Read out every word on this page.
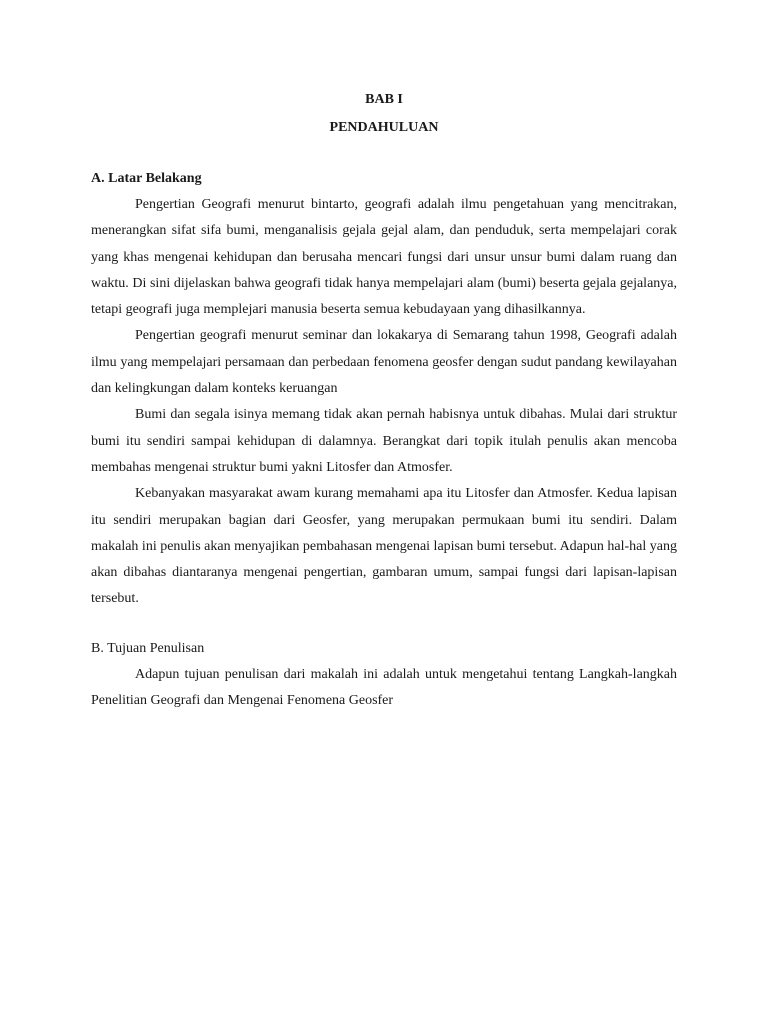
BAB I
PENDAHULUAN
A. Latar Belakang

Pengertian Geografi menurut bintarto, geografi adalah ilmu pengetahuan yang mencitrakan, menerangkan sifat sifa bumi, menganalisis gejala gejal alam, dan penduduk, serta mempelajari corak yang khas mengenai kehidupan dan berusaha mencari fungsi dari unsur unsur bumi dalam ruang dan waktu. Di sini dijelaskan bahwa geografi tidak hanya mempelajari alam (bumi) beserta gejala gejalanya, tetapi geografi juga memplejari manusia beserta semua kebudayaan yang dihasilkannya.

Pengertian geografi menurut seminar dan lokakarya di Semarang tahun 1998, Geografi adalah ilmu yang mempelajari persamaan dan perbedaan fenomena geosfer dengan sudut pandang kewilayahan dan kelingkungan dalam konteks keruangan

Bumi dan segala isinya memang tidak akan pernah habisnya untuk dibahas. Mulai dari struktur bumi itu sendiri sampai kehidupan di dalamnya. Berangkat dari topik itulah penulis akan mencoba membahas mengenai struktur bumi yakni Litosfer dan Atmosfer.

Kebanyakan masyarakat awam kurang memahami apa itu Litosfer dan Atmosfer. Kedua lapisan itu sendiri merupakan bagian dari Geosfer, yang merupakan permukaan bumi itu sendiri. Dalam makalah ini penulis akan menyajikan pembahasan mengenai lapisan bumi tersebut. Adapun hal-hal yang akan dibahas diantaranya mengenai pengertian, gambaran umum, sampai fungsi dari lapisan-lapisan tersebut.

B. Tujuan Penulisan

Adapun tujuan penulisan dari makalah ini adalah untuk mengetahui tentang Langkah-langkah Penelitian Geografi dan Mengenai Fenomena Geosfer
